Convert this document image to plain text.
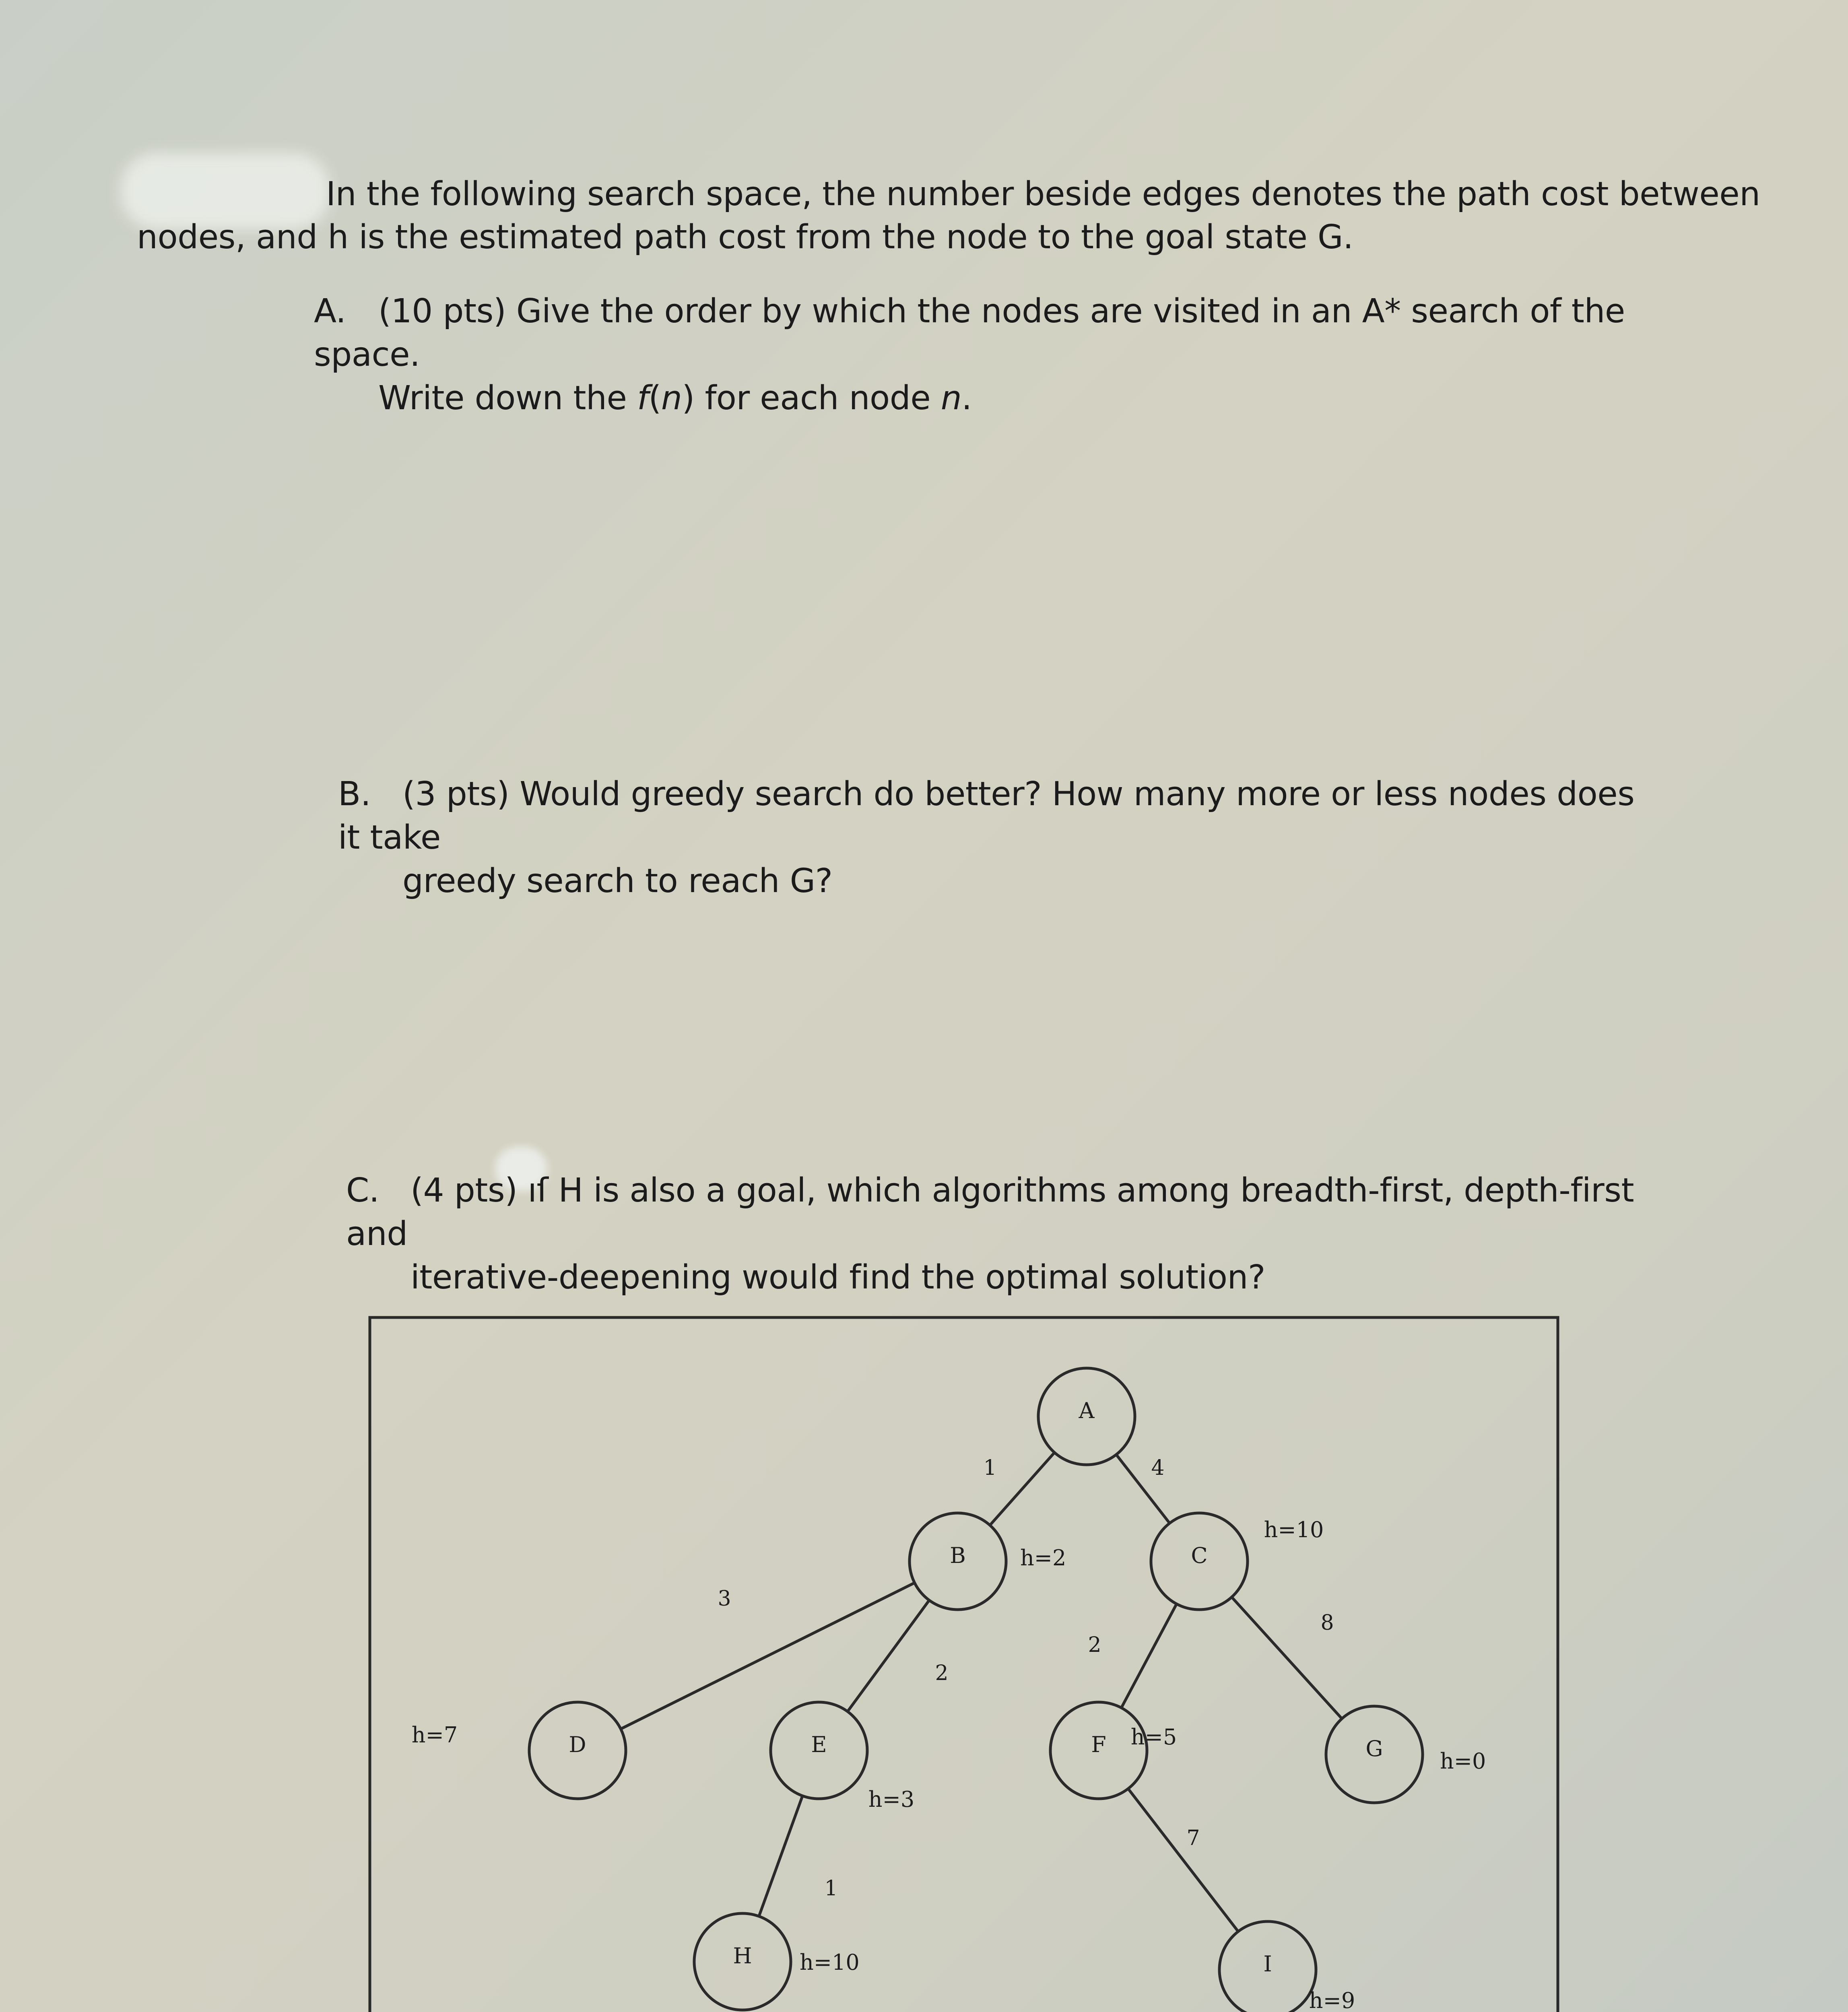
In the following search space, the number beside edges denotes the path cost between
nodes, and h is the estimated path cost from the node to the goal state G.
A. (10 pts) Give the order by which the nodes are visited in an A* search of the space.
Write down the f(n) for each node n.
B. (3 pts) Would greedy search do better? How many more or less nodes does it take
greedy search to reach G?
C. (4 pts) ıſ H is also a goal, which algorithms among breadth-first, depth-first and
iterative-deepening would find the optimal solution?
1	4
3
2
2
8
1
7
A
B	h=2	C
h=10
D
h=7	E
h=3
F h=5	G	h=0
H h=10	I
h=9
